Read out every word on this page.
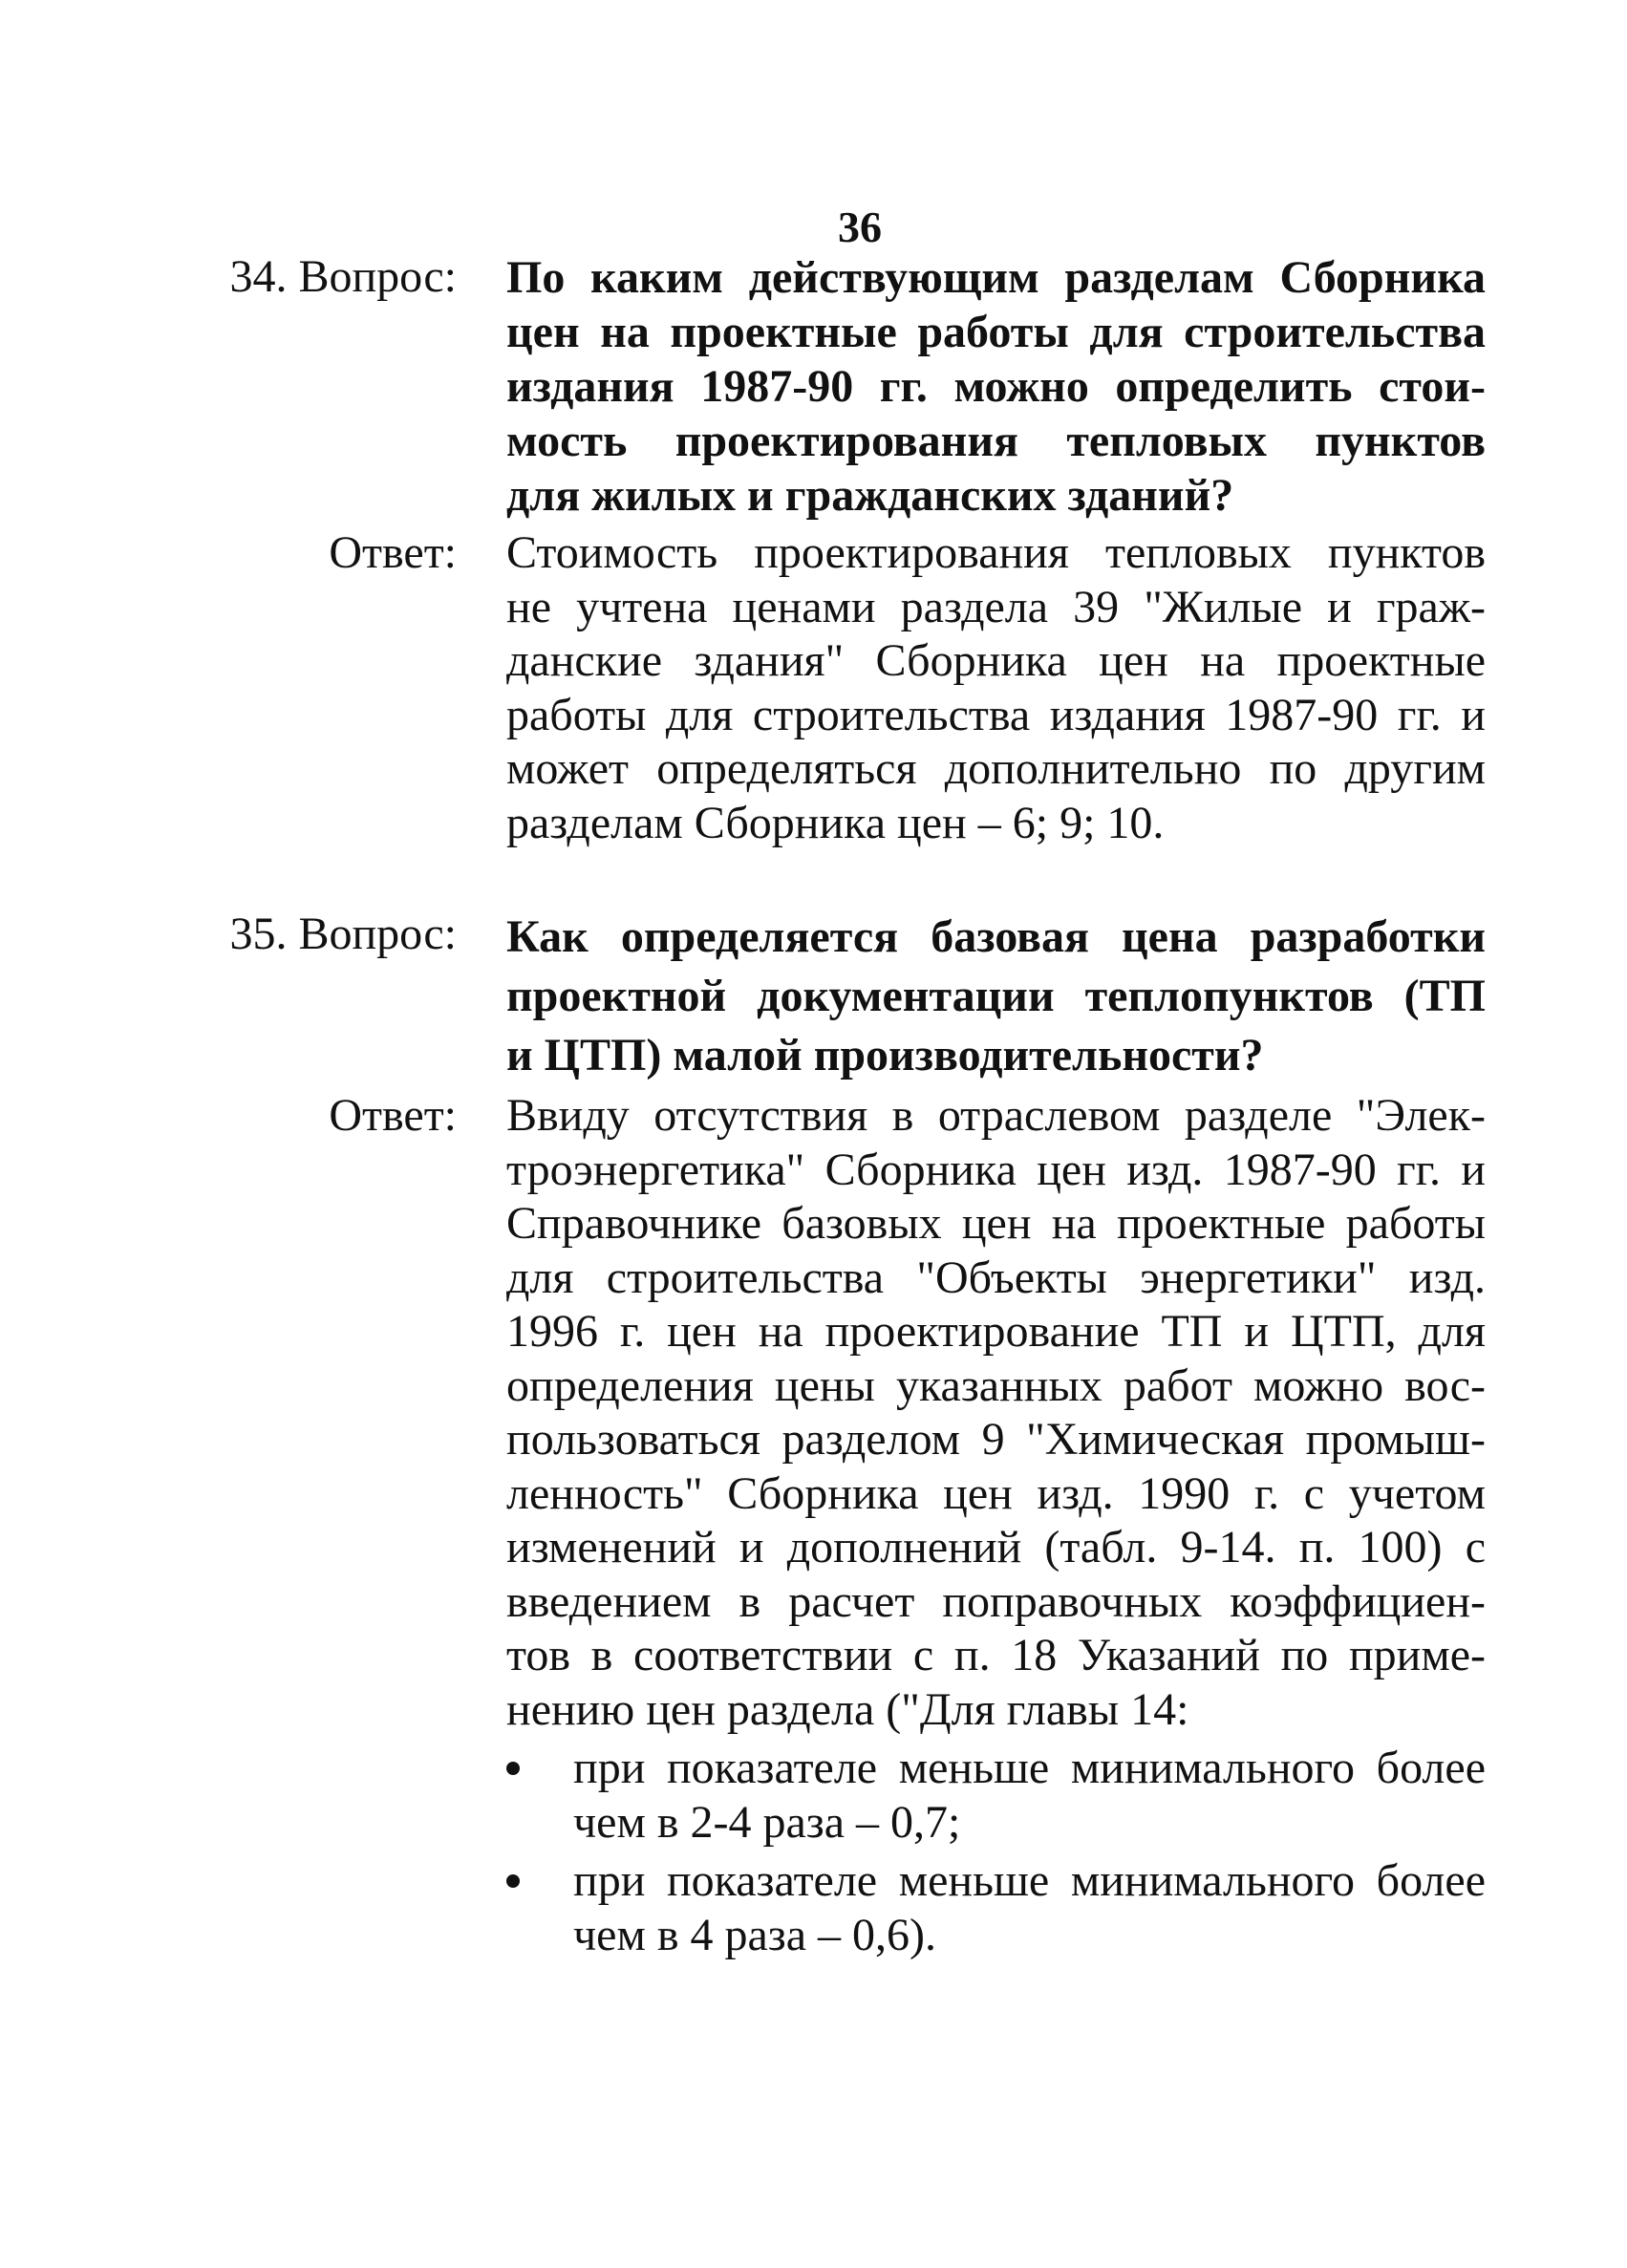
36
34. Вопрос: По каким действующим разделам Сборника
цен на проектные работы для строительства
издания 1987-90 гг. можно определить стои-
мость проектирования тепловых пунктов
для жилых и гражданских зданий?
Ответ: Стоимость проектирования тепловых пунктов
не учтена ценами раздела 39 "Жилые и граж-
данские здания" Сборника цен на проектные
работы для строительства издания 1987-90 гг. и
может определяться дополнительно по другим
разделам Сборника цен – 6; 9; 10.
35. Вопрос: Как определяется базовая цена разработки
проектной документации теплопунктов (ТП
и ЦТП) малой производительности?
Ответ: Ввиду отсутствия в отраслевом разделе "Элек-
троэнергетика" Сборника цен изд. 1987-90 гг. и
Справочнике базовых цен на проектные работы
для строительства "Объекты энергетики" изд.
1996 г. цен на проектирование ТП и ЦТП, для
определения цены указанных работ можно вос-
пользоваться разделом 9 "Химическая промыш-
ленность" Сборника цен изд. 1990 г. с учетом
изменений и дополнений (табл. 9-14. п. 100) с
введением в расчет поправочных коэффициен-
тов в соответствии с п. 18 Указаний по приме-
нению цен раздела ("Для главы 14:
при показателе меньше минимального более
чем в 2-4 раза – 0,7;
при показателе меньше минимального более
чем в 4 раза – 0,6).
